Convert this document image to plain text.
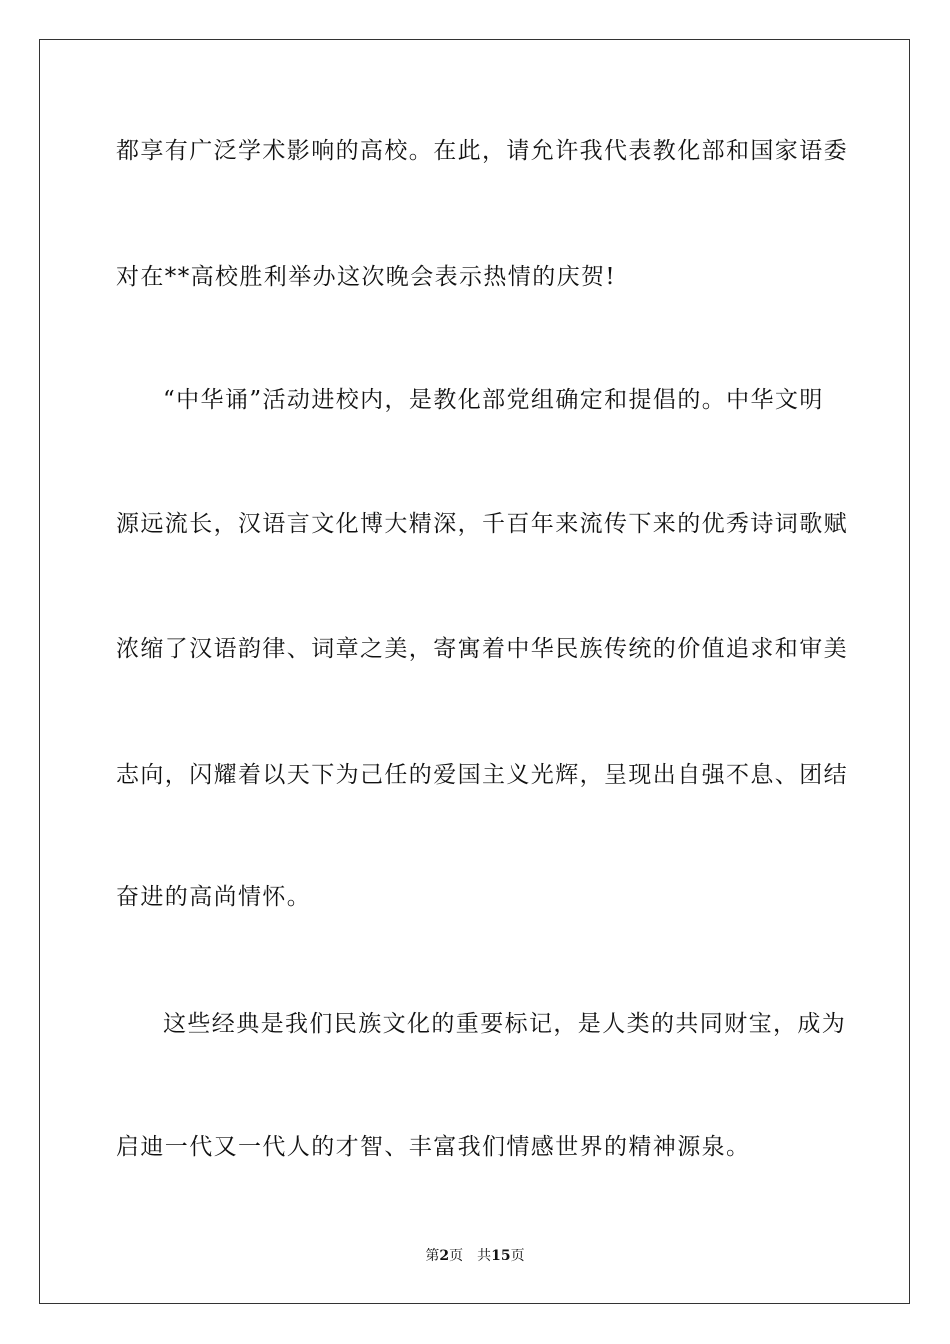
都享有广泛学术影响的高校。在此，请允许我代表教化部和国家语委
对在**高校胜利举办这次晚会表示热情的庆贺!
“中华诵”活动进校内，是教化部党组确定和提倡的。中华文明
源远流长，汉语言文化博大精深，千百年来流传下来的优秀诗词歌赋
浓缩了汉语韵律、词章之美，寄寓着中华民族传统的价值追求和审美
志向，闪耀着以天下为己任的爱国主义光辉，呈现出自强不息、团结
奋进的高尚情怀。
这些经典是我们民族文化的重要标记，是人类的共同财宝，成为
启迪一代又一代人的才智、丰富我们情感世界的精神源泉。
第2页 共15页
